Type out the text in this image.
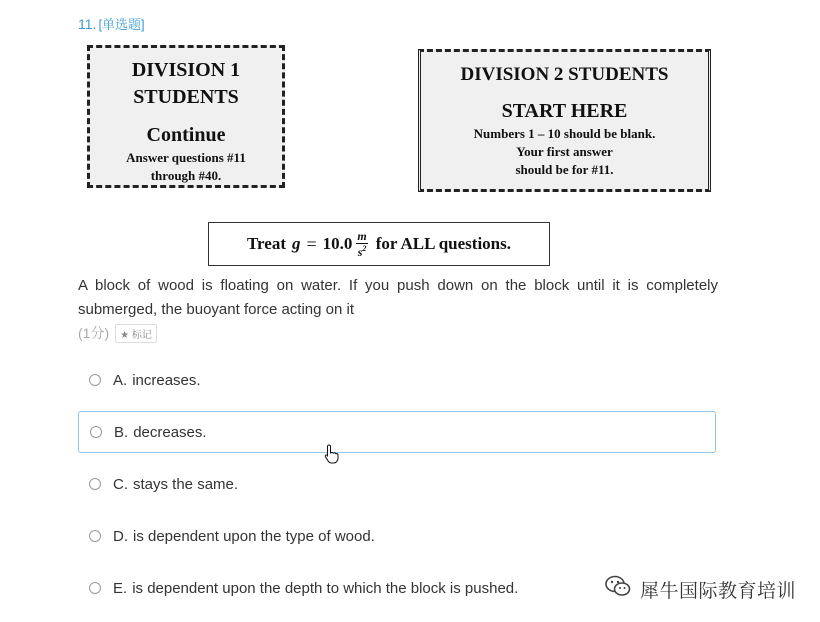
11. [单选题]
DIVISION 1
STUDENTS
Continue
Answer questions #11
through #40.
DIVISION 2 STUDENTS
START HERE
Numbers 1 – 10 should be blank.
Your first answer
should be for #11.
Treat $g = 10.0 \frac{m}{s^2}$ for ALL questions.
A block of wood is floating on water. If you push down on the block until it is completely submerged, the buoyant force acting on it
(1分)	★ 标记
A. increases.
B. decreases.
C. stays the same.
D. is dependent upon the type of wood.
E. is dependent upon the depth to which the block is pushed.	犀牛国际教育培训
